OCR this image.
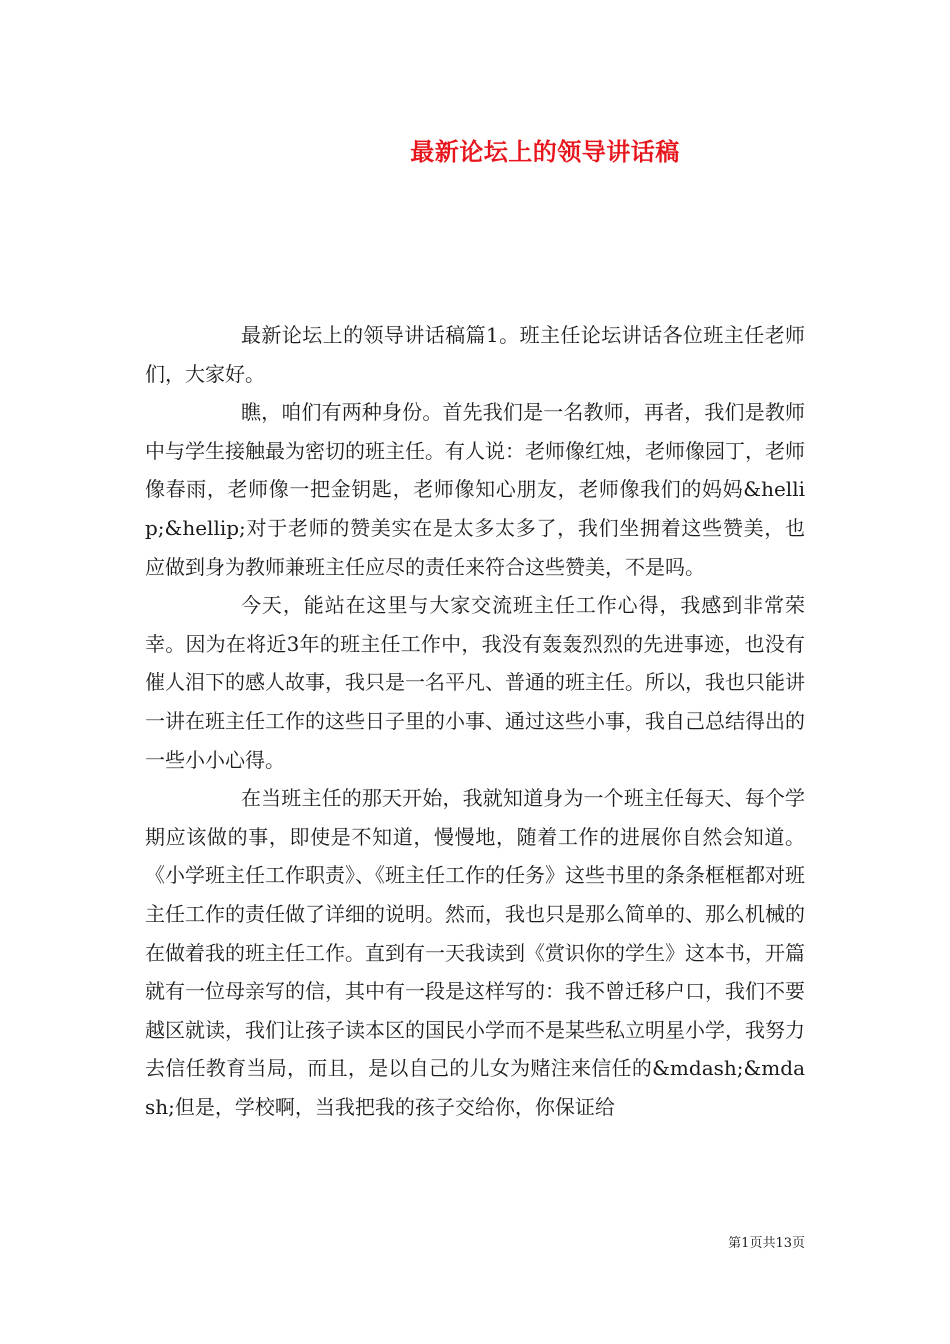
最新论坛上的领导讲话稿

最新论坛上的领导讲话稿篇1。班主任论坛讲话各位班主任老师们，大家好。

瞧，咱们有两种身份。首先我们是一名教师，再者，我们是教师中与学生接触最为密切的班主任。有人说：老师像红烛，老师像园丁，老师像春雨，老师像一把金钥匙，老师像知心朋友，老师像我们的妈妈&hellip;&hellip;对于老师的赞美实在是太多太多了，我们坐拥着这些赞美，也应做到身为教师兼班主任应尽的责任来符合这些赞美，不是吗。

今天，能站在这里与大家交流班主任工作心得，我感到非常荣幸。因为在将近3年的班主任工作中，我没有轰轰烈烈的先进事迹，也没有催人泪下的感人故事，我只是一名平凡、普通的班主任。所以，我也只能讲一讲在班主任工作的这些日子里的小事、通过这些小事，我自己总结得出的一些小小心得。

在当班主任的那天开始，我就知道身为一个班主任每天、每个学期应该做的事，即使是不知道，慢慢地，随着工作的进展你自然会知道。《小学班主任工作职责》、《班主任工作的任务》这些书里的条条框框都对班主任工作的责任做了详细的说明。然而，我也只是那么简单的、那么机械的在做着我的班主任工作。直到有一天我读到《赏识你的学生》这本书，开篇就有一位母亲写的信，其中有一段是这样写的：我不曾迁移户口，我们不要越区就读，我们让孩子读本区的国民小学而不是某些私立明星小学，我努力去信任教育当局，而且，是以自己的儿女为赌注来信任的&mdash;&mdash;但是，学校啊，当我把我的孩子交给你，你保证给

第1页共13页
